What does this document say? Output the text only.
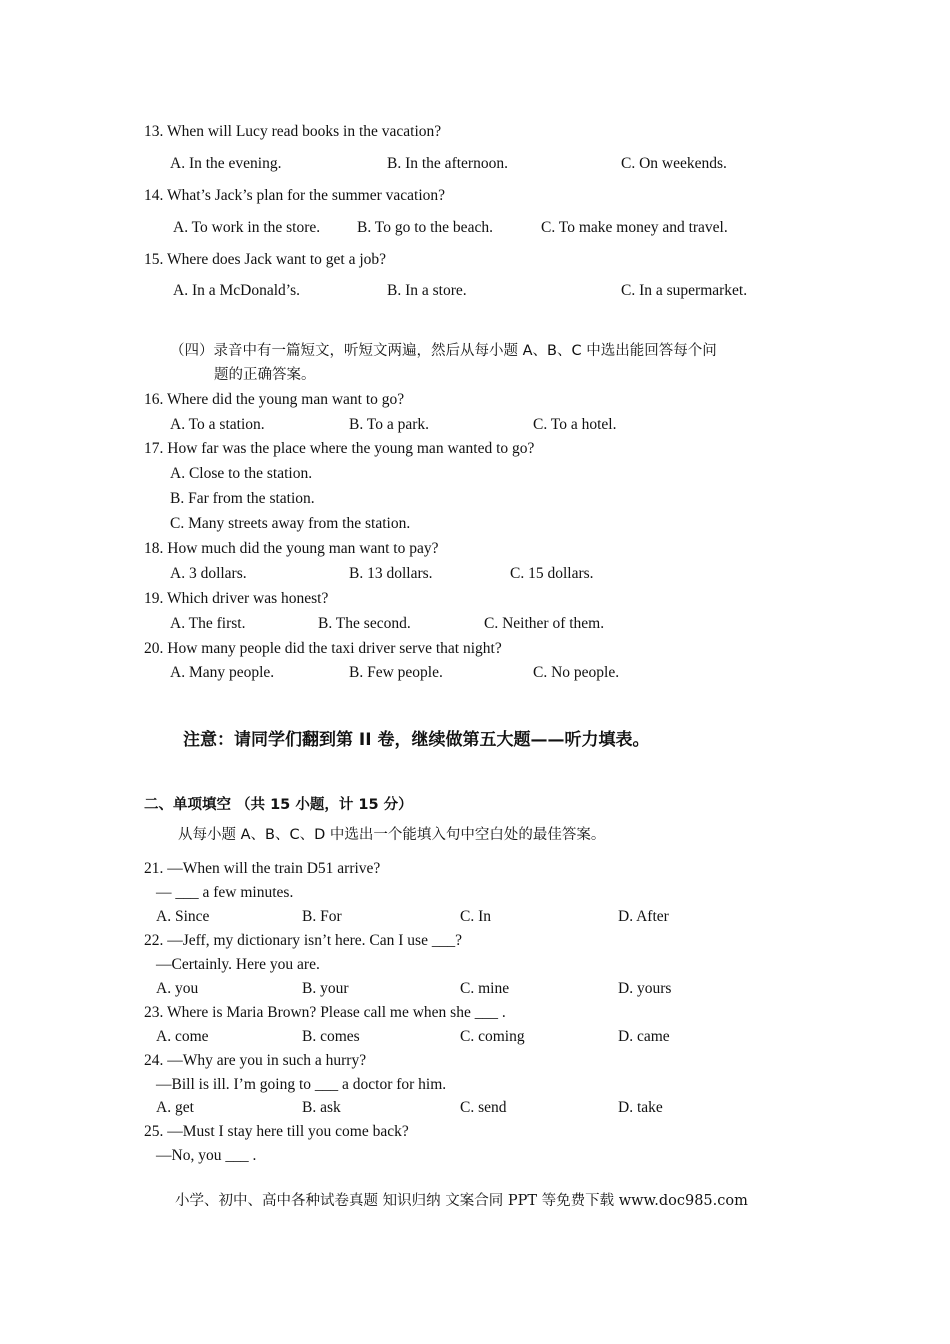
13. When will Lucy read books in the vacation?
A. In the evening.	B. In the afternoon.	C. On weekends.
14. What’s Jack’s plan for the summer vacation?
A. To work in the store. B. To go to the beach.	C. To make money and travel.
15. Where does Jack want to get a job?
A. In a McDonald’s.	B. In a store.	C. In a supermarket.
（四）录音中有一篇短文，听短文两遍，然后从每小题 A、B、C 中选出能回答每个问
题的正确答案。
16. Where did the young man want to go?
A. To a station.	B. To a park.	C. To a hotel.
17. How far was the place where the young man wanted to go?
A. Close to the station.
B. Far from the station.
C. Many streets away from the station.
18. How much did the young man want to pay?
A. 3 dollars.	B. 13 dollars.	C. 15 dollars.
19. Which driver was honest?
A. The first.	B. The second.	C. Neither of them.
20. How many people did the taxi driver serve that night?
A. Many people.	B. Few people.	C. No people.
注意：请同学们翻到第 II 卷，继续做第五大题——听力填表。
二、单项填空 （共 15 小题，计 15 分）
从每小题 A、B、C、D 中选出一个能填入句中空白处的最佳答案。
21. —When will the train D51 arrive?
— ___ a few minutes.
A. Since	B. For	C. In	D. After
22. —Jeff, my dictionary isn’t here. Can I use ___?
—Certainly. Here you are.
A. you	B. your	C. mine	D. yours
23. Where is Maria Brown? Please call me when she ___ .
A. come	B. comes	C. coming	D. came
24. —Why are you in such a hurry?
—Bill is ill. I’m going to ___ a doctor for him.
A. get	B. ask	C. send	D. take
25. —Must I stay here till you come back?
—No, you ___ .
小学、初中、高中各种试卷真题 知识归纳 文案合同 PPT 等免费下载 www.doc985.com
